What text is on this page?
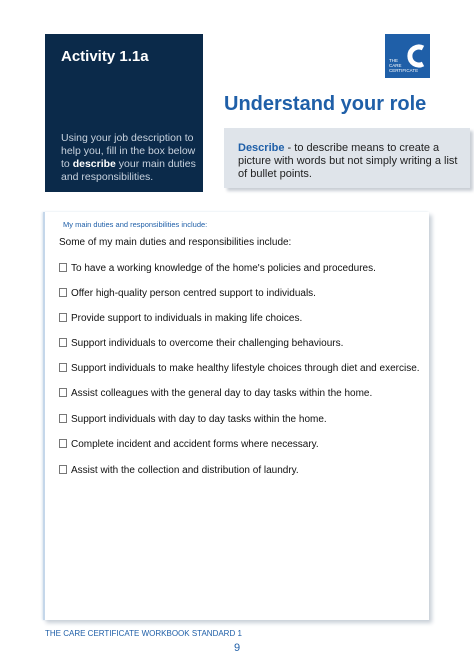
Activity 1.1a
Using your job description to help you, fill in the box below to describe your main duties and responsibilities.
THE
CARE
CERTIFICATE
Understand your role
Describe - to describe means to create a picture with words but not simply writing a list of bullet points.
My main duties and responsibilities include:
Some of my main duties and responsibilities include:
To have a working knowledge of the home's policies and procedures.
Offer high-quality person centred support to individuals.
Provide support to individuals in making life choices.
Support individuals to overcome their challenging behaviours.
Support individuals to make healthy lifestyle choices through diet and exercise.
Assist colleagues with the general day to day tasks within the home.
Support individuals with day to day tasks within the home.
Complete incident and accident forms where necessary.
Assist with the collection and distribution of laundry.
THE CARE CERTIFICATE WORKBOOK STANDARD 1
9
